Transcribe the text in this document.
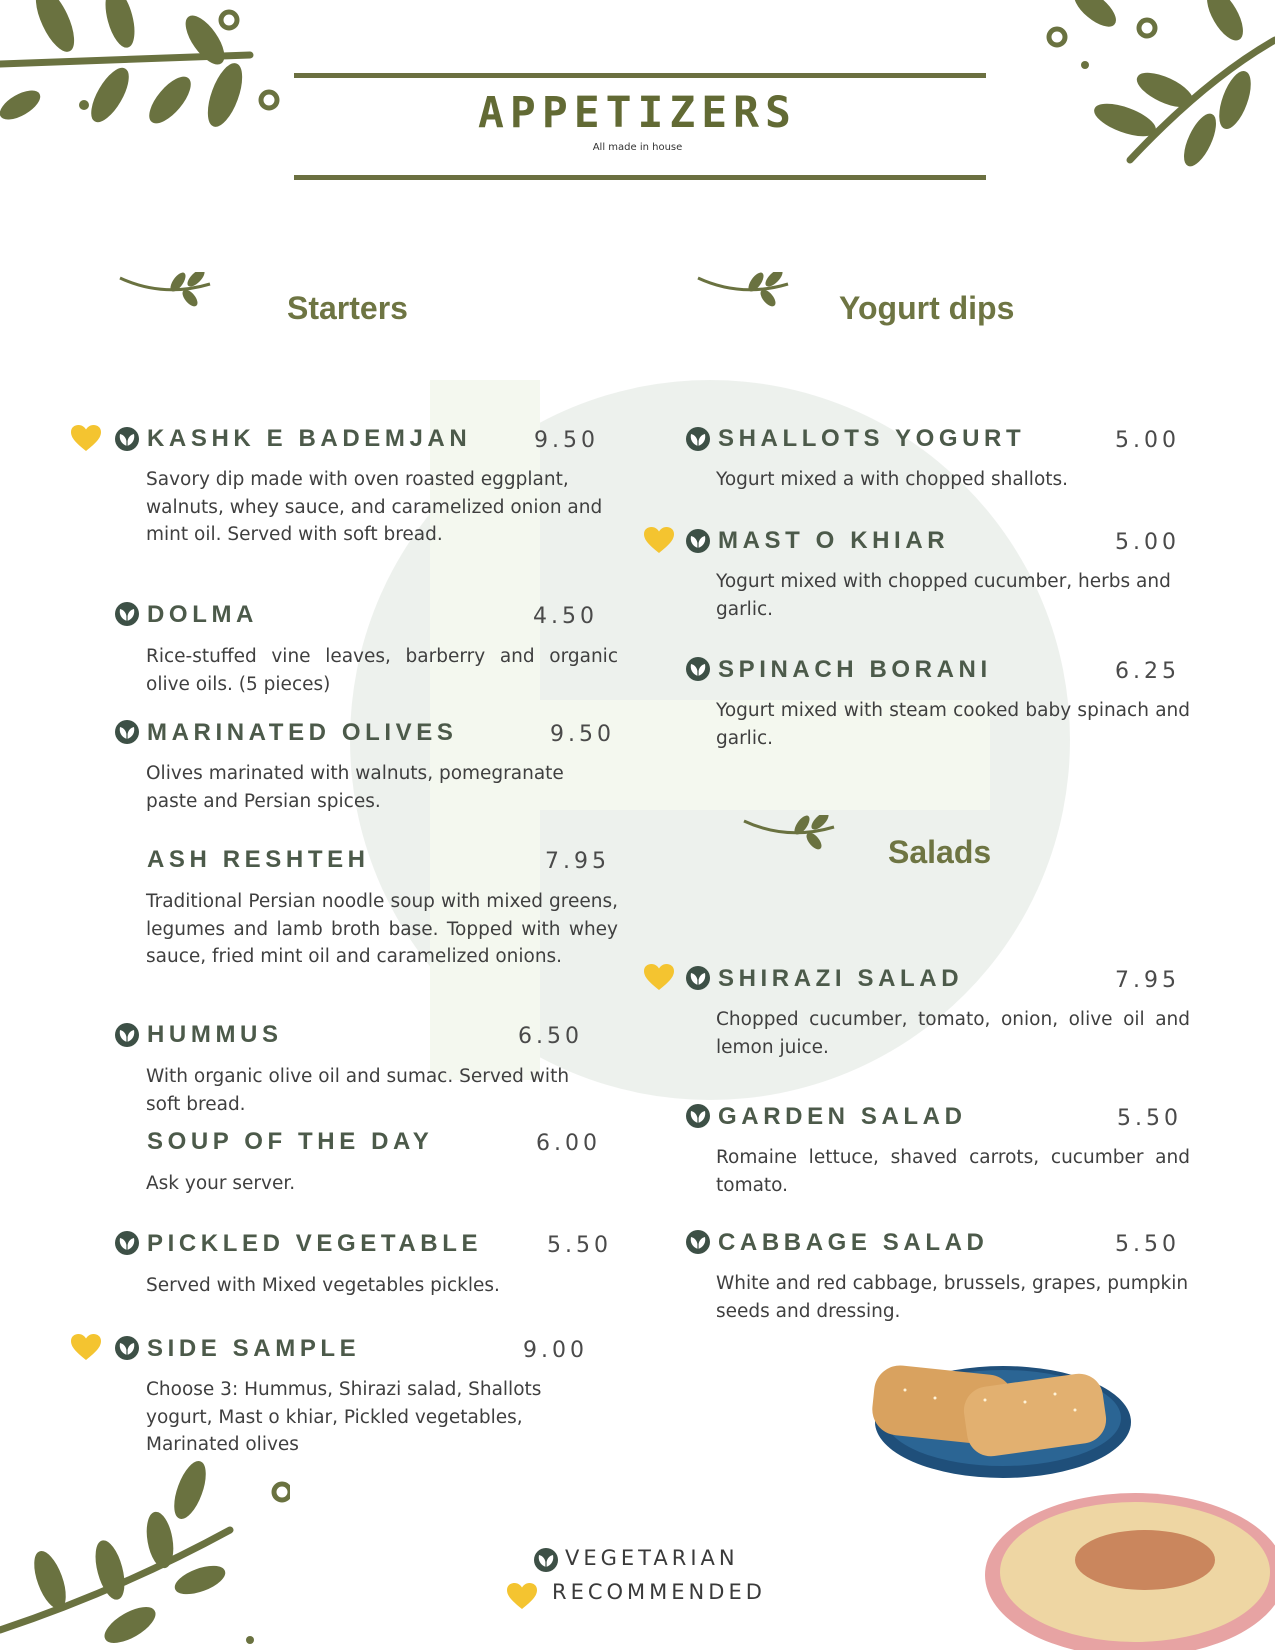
APPETIZERS
All made in house
Starters	Yogurt dips
Salads
KASHK E BADEMJAN	9.50
Savory dip made with oven roasted eggplant, walnuts, whey sauce, and caramelized onion and mint oil. Served with soft bread.
DOLMA	4.50
Rice-stuffed vine leaves, barberry and organic olive oils. (5 pieces)
MARINATED OLIVES	9.50
Olives marinated with walnuts, pomegranate paste and Persian spices.
ASH RESHTEH	7.95
Traditional Persian noodle soup with mixed greens, legumes and lamb broth base. Topped with whey sauce, fried mint oil and caramelized onions.
HUMMUS	6.50
With organic olive oil and sumac. Served with soft bread.
SOUP OF THE DAY	6.00
Ask your server.
PICKLED VEGETABLE	5.50
Served with Mixed vegetables pickles.
SIDE SAMPLE	9.00
Choose 3: Hummus, Shirazi salad, Shallots yogurt, Mast o khiar, Pickled vegetables, Marinated olives
SHALLOTS YOGURT	5.00
Yogurt mixed a with chopped shallots.
MAST O KHIAR	5.00
Yogurt mixed with chopped cucumber, herbs and garlic.
SPINACH BORANI	6.25
Yogurt mixed with steam cooked baby spinach and garlic.
SHIRAZI SALAD	7.95
Chopped cucumber, tomato, onion, olive oil and lemon juice.
GARDEN SALAD	5.50
Romaine lettuce, shaved carrots, cucumber and tomato.
CABBAGE SALAD	5.50
White and red cabbage, brussels, grapes, pumpkin seeds and dressing.
VEGETARIAN
RECOMMENDED
